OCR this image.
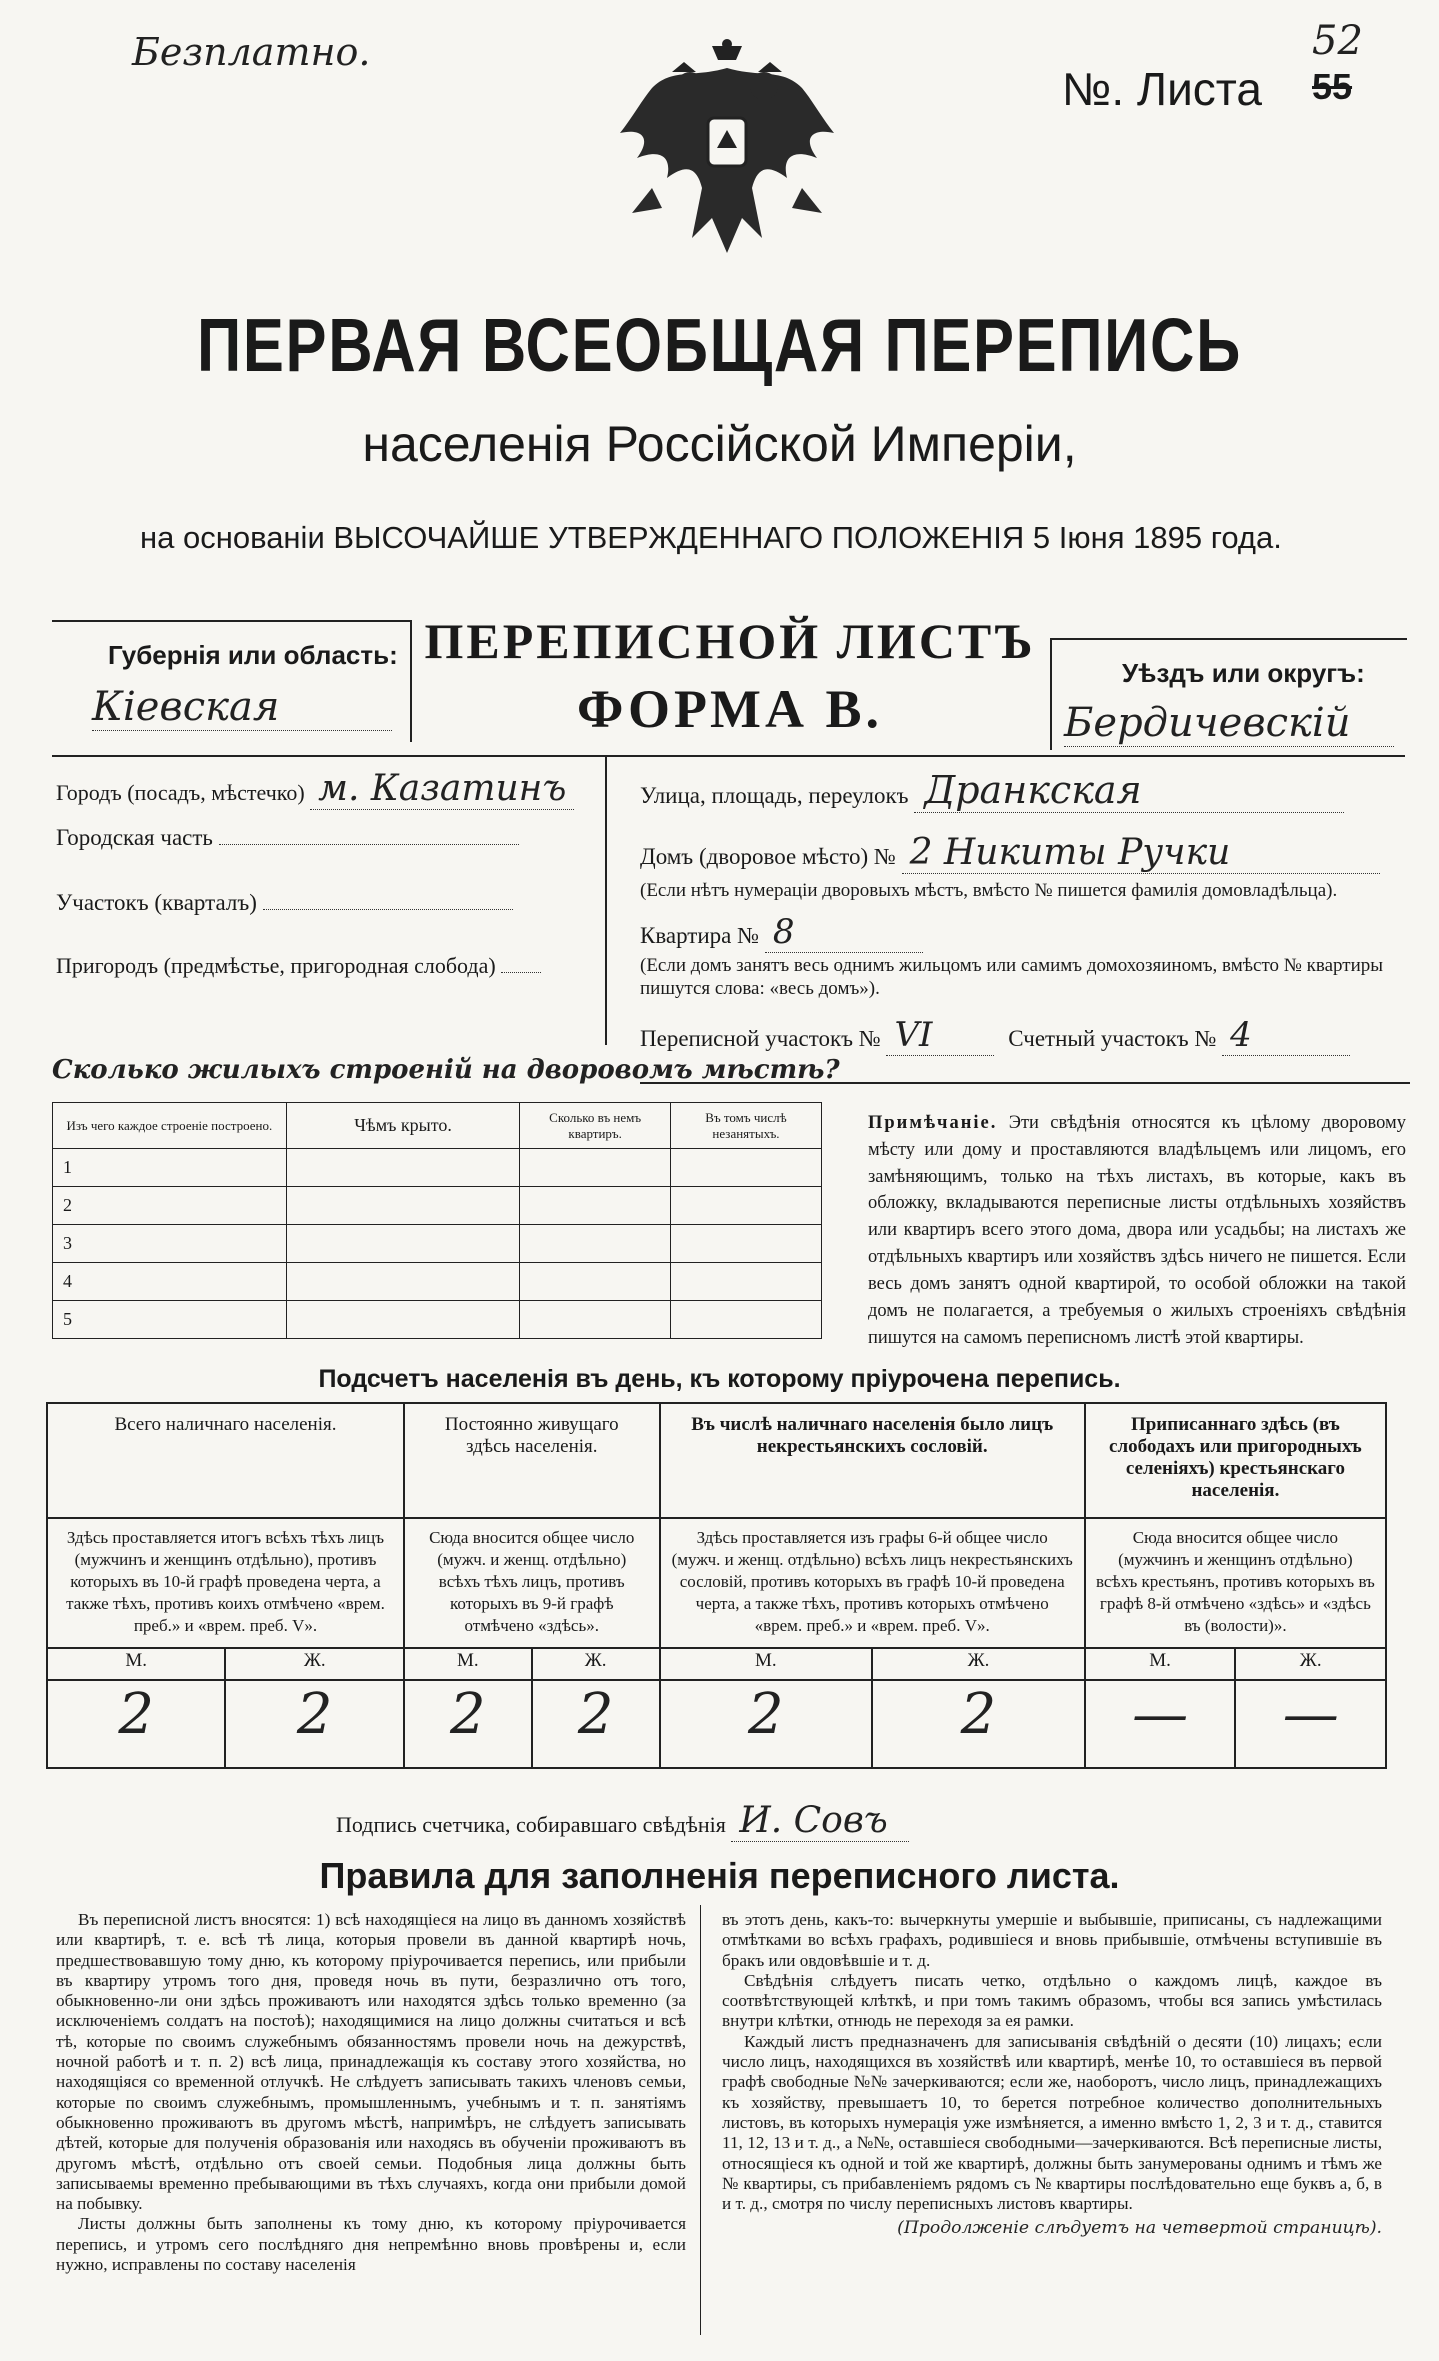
Безплатно.
№. Листа
52
55
ПЕРВАЯ ВСЕОБЩАЯ ПЕРЕПИСЬ
населенія Россійской Имперіи,
на основаніи ВЫСОЧАЙШЕ УТВЕРЖДЕННАГО ПОЛОЖЕНІЯ 5 Іюня 1895 года.
Губернія или область:
Кіевская
ПЕРЕПИСНОЙ ЛИСТЪ
ФОРМА В.
Уѣздъ или округъ:
Бердичевскій
Городъ (посадъ, мѣстечко) м. Казатинъ
Городская часть
Участокъ (кварталъ)
Пригородъ (предмѣстье, пригородная слобода)
Улица, площадь, переулокъ Дранкская
Домъ (дворовое мѣсто) № 2 Никиты Ручки
(Если нѣтъ нумераціи дворовыхъ мѣстъ, вмѣсто № пишется фамилія домовладѣльца).
Квартира № 8
(Если домъ занятъ весь однимъ жильцомъ или самимъ домохозяиномъ, вмѣсто № квартиры пишутся слова: «весь домъ»).
Переписной участокъ № VI	Счетный участокъ № 4
Сколько жилыхъ строеній на дворовомъ мѣстѣ?
Изъ чего каждое строеніе построено.	Чѣмъ крыто.	Сколько въ немъ квартиръ.	Въ томъ числѣ незанятыхъ.
1			
2			
3			
4			
5			
Примѣчаніе. Эти свѣдѣнія относятся къ цѣлому дворовому мѣсту или дому и проставляются владѣльцемъ или лицомъ, его замѣняющимъ, только на тѣхъ листахъ, въ которые, какъ въ обложку, вкладываются переписные листы отдѣльныхъ хозяйствъ или квартиръ всего этого дома, двора или усадьбы; на листахъ же отдѣльныхъ квартиръ или хозяйствъ здѣсь ничего не пишется. Если весь домъ занятъ одной квартирой, то особой обложки на такой домъ не полагается, а требуемыя о жилыхъ строеніяхъ свѣдѣнія пишутся на самомъ переписномъ листѣ этой квартиры.
Подсчетъ населенія въ день, къ которому пріурочена перепись.
Всего наличнаго населенія.		Постоянно живущаго здѣсь населенія.		Въ числѣ наличнаго населенія было лицъ некрестьянскихъ сословій.		Приписаннаго здѣсь (въ слободахъ или пригородныхъ селеніяхъ) крестьянскаго населенія.	
Здѣсь проставляется итогъ всѣхъ тѣхъ лицъ (мужчинъ и женщинъ отдѣльно), противъ которыхъ въ 10-й графѣ проведена черта, а также тѣхъ, противъ коихъ отмѣчено «врем. преб.» и «врем. преб. V».		Сюда вносится общее число (мужч. и женщ. отдѣльно) всѣхъ тѣхъ лицъ, противъ которыхъ въ 9-й графѣ отмѣчено «здѣсь».		Здѣсь проставляется изъ графы 6-й общее число (мужч. и женщ. отдѣльно) всѣхъ лицъ некрестьянскихъ сословій, противъ которыхъ въ графѣ 10-й проведена черта, а также тѣхъ, противъ которыхъ отмѣчено «врем. преб.» и «врем. преб. V».		Сюда вносится общее число (мужчинъ и женщинъ отдѣльно) всѣхъ крестьянъ, противъ которыхъ въ графѣ 8-й отмѣчено «здѣсь» и «здѣсь въ (волости)».	
М.	Ж.	М.	Ж.	М.	Ж.	М.	Ж.
2	2	2	2	2	2	—	—
Подпись счетчика, собиравшаго свѣдѣнія И. Совъ
Правила для заполненія переписного листа.

Въ переписной листъ вносятся: 1) всѣ находящіеся на лицо въ данномъ хозяйствѣ или квартирѣ, т. е. всѣ тѣ лица, которыя провели въ данной квартирѣ ночь, предшествовавшую тому дню, къ которому пріурочивается перепись, или прибыли въ квартиру утромъ того дня, проведя ночь въ пути, безразлично отъ того, обыкновенно-ли они здѣсь проживаютъ или находятся здѣсь только временно (за исключеніемъ солдатъ на постоѣ); находящимися на лицо должны считаться и всѣ тѣ, которые по своимъ служебнымъ обязанностямъ провели ночь на дежурствѣ, ночной работѣ и т. п. 2) всѣ лица, принадлежащія къ составу этого хозяйства, но находящіяся со временной отлучкѣ. Не слѣдуетъ записывать такихъ членовъ семьи, которые по своимъ служебнымъ, промышленнымъ, учебнымъ и т. п. занятіямъ обыкновенно проживаютъ въ другомъ мѣстѣ, напримѣръ, не слѣдуетъ записывать дѣтей, которые для полученія образованія или находясь въ обученіи проживаютъ въ другомъ мѣстѣ, отдѣльно отъ своей семьи. Подобныя лица должны быть записываемы временно пребывающими въ тѣхъ случаяхъ, когда они прибыли домой на побывку.

Листы должны быть заполнены къ тому дню, къ которому пріурочивается перепись, и утромъ сего послѣдняго дня непремѣнно вновь провѣрены и, если нужно, исправлены по составу населенія

въ этотъ день, какъ-то: вычеркнуты умершіе и выбывшіе, приписаны, съ надлежащими отмѣтками во всѣхъ графахъ, родившіеся и вновь прибывшіе, отмѣчены вступившіе въ бракъ или овдовѣвшіе и т. д.

Свѣдѣнія слѣдуетъ писать четко, отдѣльно о каждомъ лицѣ, каждое въ соотвѣтствующей клѣткѣ, и при томъ такимъ образомъ, чтобы вся запись умѣстилась внутри клѣтки, отнюдь не переходя за ея рамки.

Каждый листъ предназначенъ для записыванія свѣдѣній о десяти (10) лицахъ; если число лицъ, находящихся въ хозяйствѣ или квартирѣ, менѣе 10, то оставшіеся въ первой графѣ свободные №№ зачеркиваются; если же, наоборотъ, число лицъ, принадлежащихъ къ хозяйству, превышаетъ 10, то берется потребное количество дополнительныхъ листовъ, въ которыхъ нумерація уже измѣняется, а именно вмѣсто 1, 2, 3 и т. д., ставится 11, 12, 13 и т. д., а №№, оставшіеся свободными—зачеркиваются. Всѣ переписные листы, относящіеся къ одной и той же квартирѣ, должны быть занумерованы однимъ и тѣмъ же № квартиры, съ прибавленіемъ рядомъ съ № квартиры послѣдовательно еще буквъ а, б, в и т. д., смотря по числу переписныхъ листовъ квартиры.

(Продолженіе слѣдуетъ на четвертой страницѣ).
